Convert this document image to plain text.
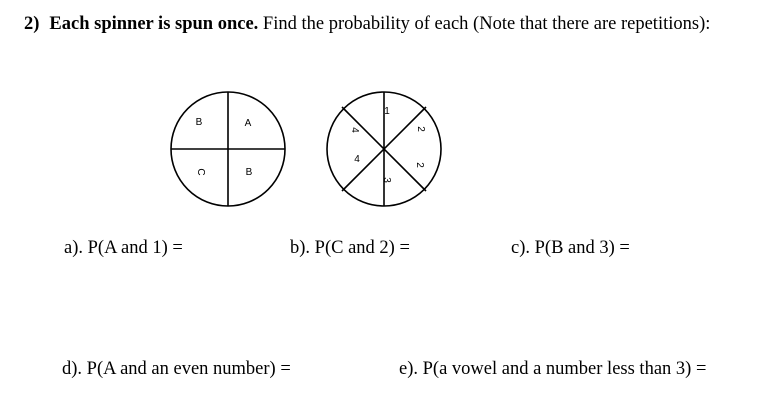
2) Each spinner is spun once. Find the probability of each (Note that there are repetitions):
B	A
C	B
1
2
2
3
4
4
a). P(A and 1) =	b). P(C and 2) =	c). P(B and 3) =
d). P(A and an even number) =	e). P(a vowel and a number less than 3) =
